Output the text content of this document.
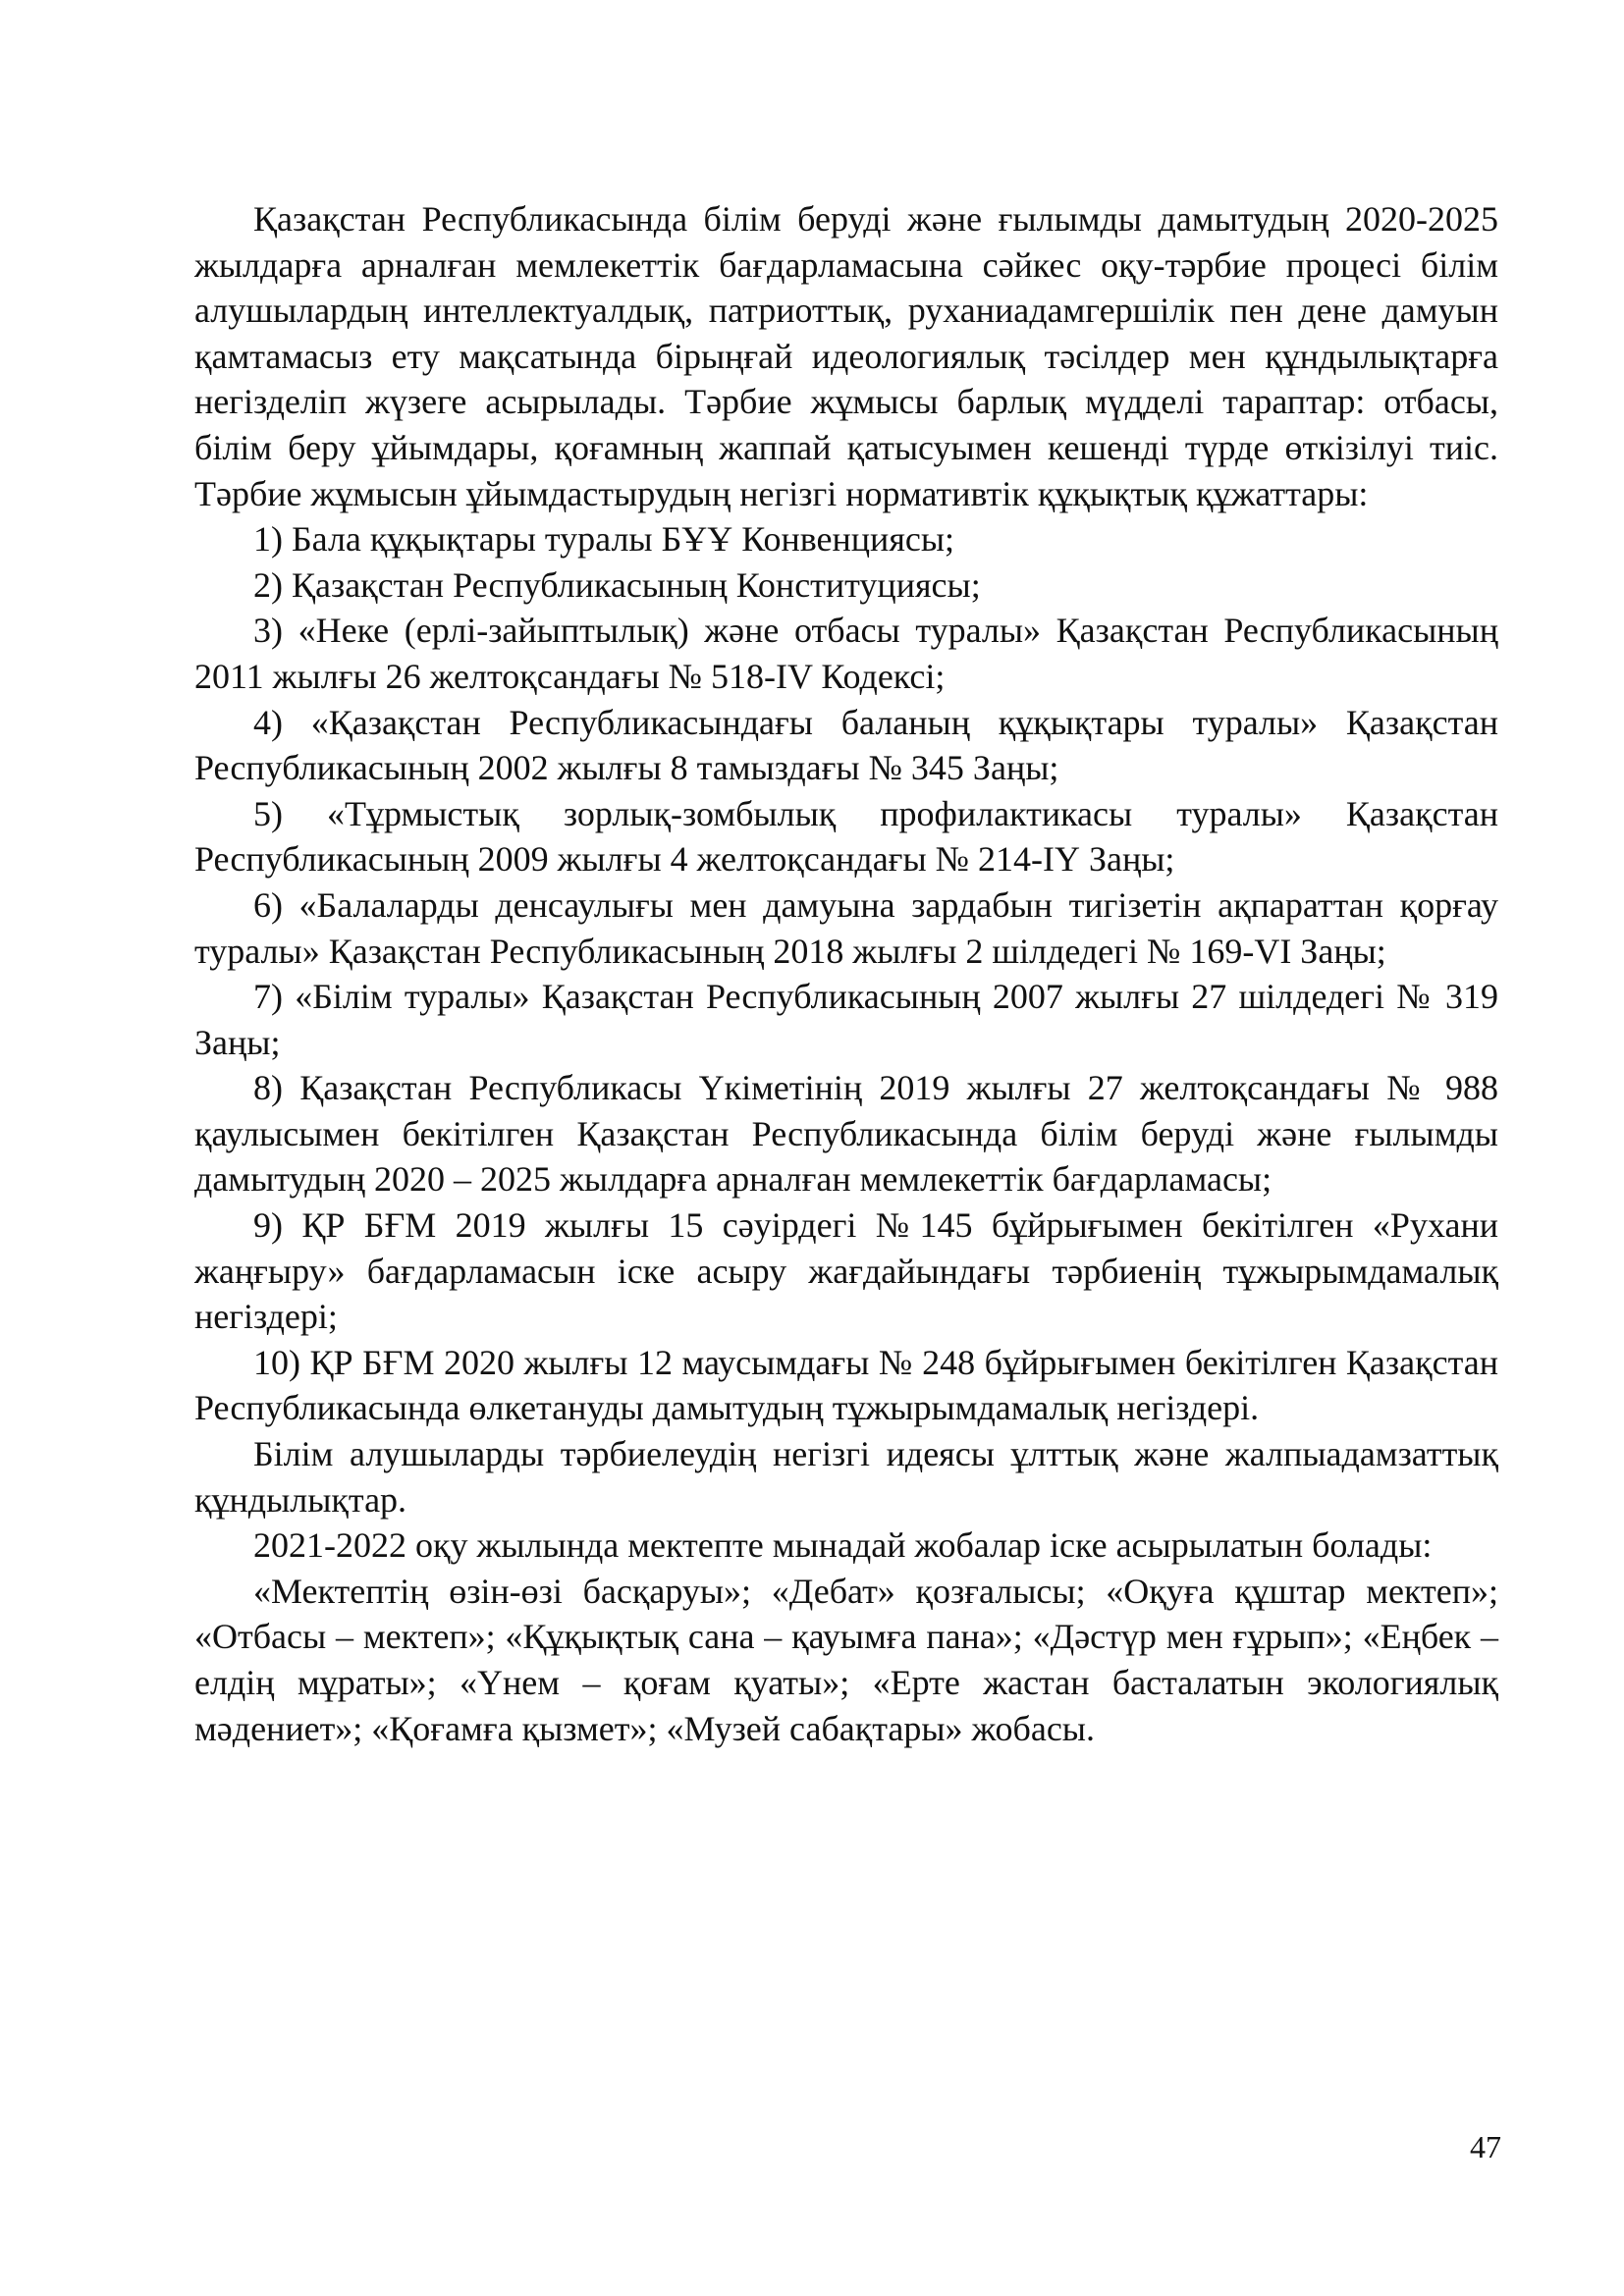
Қазақстан Республикасында білім беруді және ғылымды дамытудың 2020-2025 жылдарға арналған мемлекеттік бағдарламасына сәйкес оқу-тәрбие процесі білім алушылардың интеллектуалдық, патриоттық, руханиадамгершілік пен дене дамуын қамтамасыз ету мақсатында бірыңғай идеологиялық тәсілдер мен құндылықтарға негізделіп жүзеге асырылады. Тәрбие жұмысы барлық мүдделі тараптар: отбасы, білім беру ұйымдары, қоғамның жаппай қатысуымен кешенді түрде өткізілуі тиіс. Тәрбие жұмысын ұйымдастырудың негізгі нормативтік құқықтық құжаттары:

1) Бала құқықтары туралы БҰҰ Конвенциясы;

2) Қазақстан Республикасының Конституциясы;

3) «Неке (ерлі-зайыптылық) және отбасы туралы» Қазақстан Республикасының 2011 жылғы 26 желтоқсандағы № 518-IV Кодексі;

4) «Қазақстан Республикасындағы баланың құқықтары туралы» Қазақстан Республикасының 2002 жылғы 8 тамыздағы № 345 Заңы;

5) «Тұрмыстық зорлық-зомбылық профилактикасы туралы» Қазақстан Республикасының 2009 жылғы 4 желтоқсандағы № 214-ІҮ Заңы;

6) «Балаларды денсаулығы мен дамуына зардабын тигізетін ақпараттан қорғау туралы» Қазақстан Республикасының 2018 жылғы 2 шілдедегі № 169-VI Заңы;

7) «Білім туралы» Қазақстан Республикасының 2007 жылғы 27 шілдедегі № 319 Заңы;

8) Қазақстан Республикасы Үкіметінің 2019 жылғы 27 желтоқсандағы № 988 қаулысымен бекітілген Қазақстан Республикасында білім беруді және ғылымды дамытудың 2020 – 2025 жылдарға арналған мемлекеттік бағдарламасы;

9) ҚР БҒМ 2019 жылғы 15 сәуірдегі №145 бұйрығымен бекітілген «Рухани жаңғыру» бағдарламасын іске асыру жағдайындағы тәрбиенің тұжырымдамалық негіздері;

10) ҚР БҒМ 2020 жылғы 12 маусымдағы № 248 бұйрығымен бекітілген Қазақстан Республикасында өлкетануды дамытудың тұжырымдамалық негіздері.

Білім алушыларды тәрбиелеудің негізгі идеясы ұлттық және жалпыадамзаттық құндылықтар.

2021-2022 оқу жылында мектепте мынадай жобалар іске асырылатын болады:

«Мектептің өзін-өзі басқаруы»; «Дебат» қозғалысы; «Оқуға құштар мектеп»; «Отбасы – мектеп»; «Құқықтық сана – қауымға пана»; «Дәстүр мен ғұрып»; «Еңбек – елдің мұраты»; «Үнем – қоғам қуаты»; «Ерте жастан басталатын экологиялық мәдениет»; «Қоғамға қызмет»; «Музей сабақтары» жобасы.

47
